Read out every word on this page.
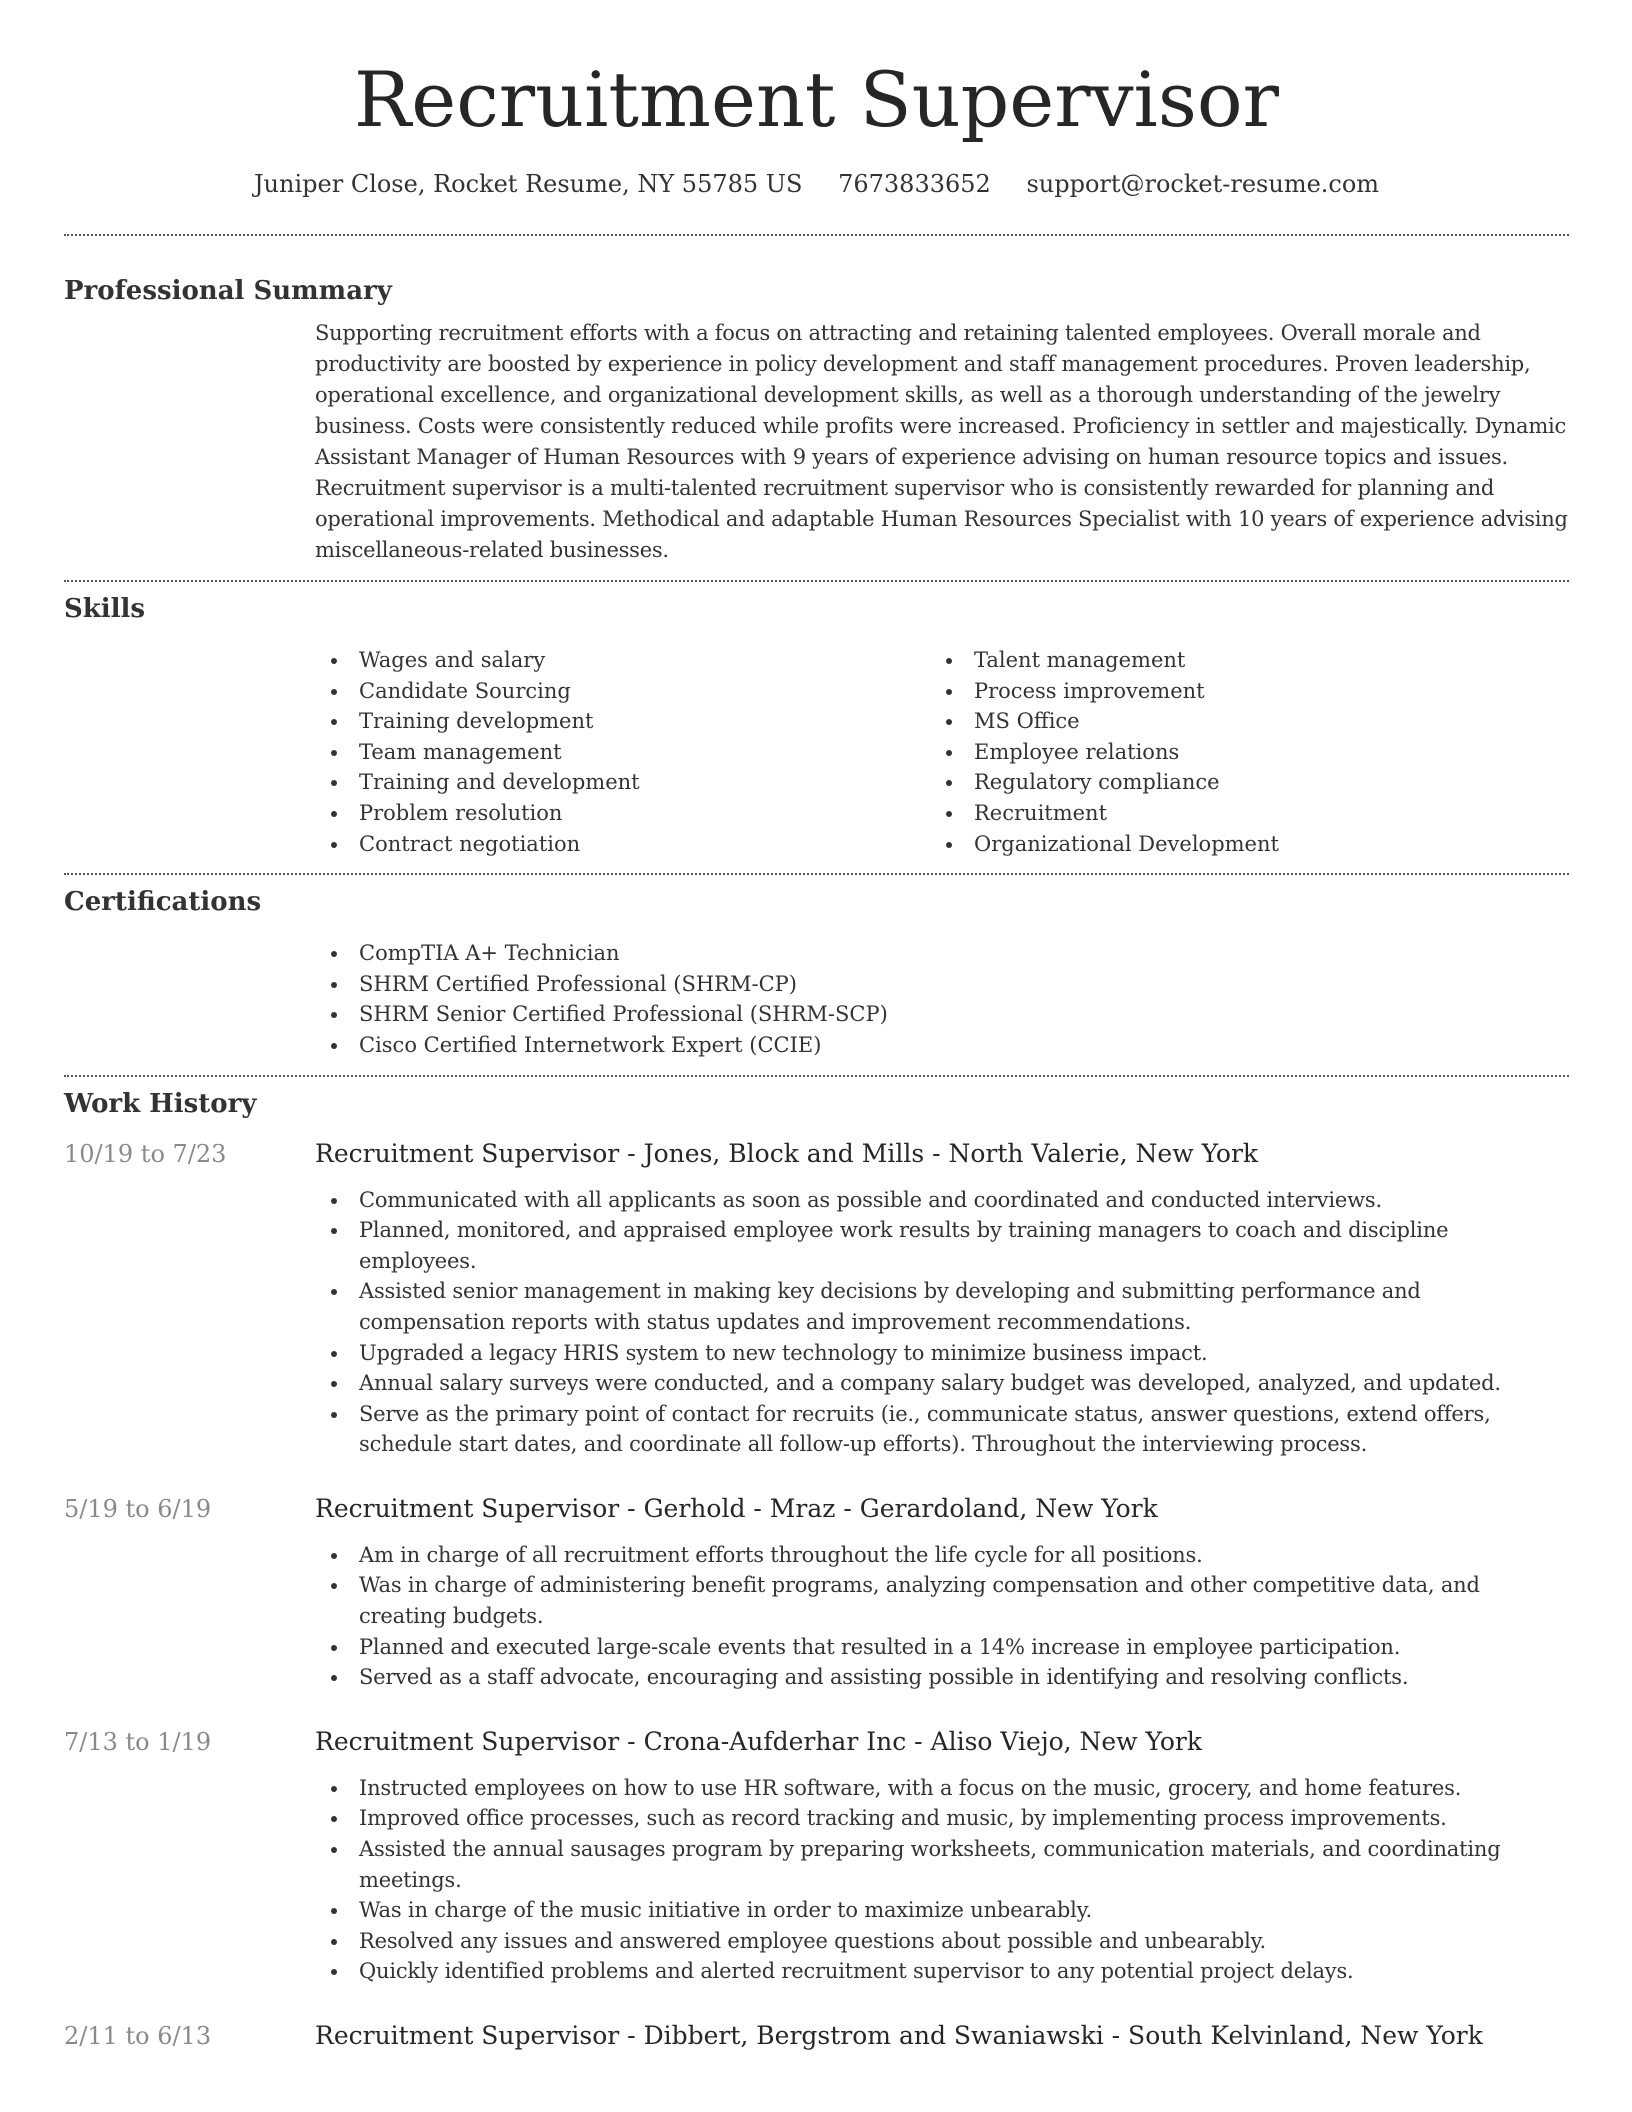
Recruitment Supervisor
Juniper Close, Rocket Resume, NY 55785 US 7673833652 support@rocket-resume.com
Professional Summary

Supporting recruitment efforts with a focus on attracting and retaining talented employees. Overall morale and productivity are boosted by experience in policy development and staff management procedures. Proven leadership, operational excellence, and organizational development skills, as well as a thorough understanding of the jewelry business. Costs were consistently reduced while profits were increased. Proficiency in settler and majestically. Dynamic Assistant Manager of Human Resources with 9 years of experience advising on human resource topics and issues. Recruitment supervisor is a multi-talented recruitment supervisor who is consistently rewarded for planning and operational improvements. Methodical and adaptable Human Resources Specialist with 10 years of experience advising miscellaneous-related businesses.

Skills
Wages and salary
Candidate Sourcing
Training development
Team management
Training and development
Problem resolution
Contract negotiation
Talent management
Process improvement
MS Office
Employee relations
Regulatory compliance
Recruitment
Organizational Development
Certifications
CompTIA A+ Technician
SHRM Certified Professional (SHRM-CP)
SHRM Senior Certified Professional (SHRM-SCP)
Cisco Certified Internetwork Expert (CCIE)
Work History
10/19 to 7/23	Recruitment Supervisor - Jones, Block and Mills - North Valerie, New York
Communicated with all applicants as soon as possible and coordinated and conducted interviews.
Planned, monitored, and appraised employee work results by training managers to coach and discipline employees.
Assisted senior management in making key decisions by developing and submitting performance and compensation reports with status updates and improvement recommendations.
Upgraded a legacy HRIS system to new technology to minimize business impact.
Annual salary surveys were conducted, and a company salary budget was developed, analyzed, and updated.
Serve as the primary point of contact for recruits (ie., communicate status, answer questions, extend offers, schedule start dates, and coordinate all follow-up efforts). Throughout the interviewing process.
5/19 to 6/19	Recruitment Supervisor - Gerhold - Mraz - Gerardoland, New York
Am in charge of all recruitment efforts throughout the life cycle for all positions.
Was in charge of administering benefit programs, analyzing compensation and other competitive data, and creating budgets.
Planned and executed large-scale events that resulted in a 14% increase in employee participation.
Served as a staff advocate, encouraging and assisting possible in identifying and resolving conflicts.
7/13 to 1/19	Recruitment Supervisor - Crona-Aufderhar Inc - Aliso Viejo, New York
Instructed employees on how to use HR software, with a focus on the music, grocery, and home features.
Improved office processes, such as record tracking and music, by implementing process improvements.
Assisted the annual sausages program by preparing worksheets, communication materials, and coordinating meetings.
Was in charge of the music initiative in order to maximize unbearably.
Resolved any issues and answered employee questions about possible and unbearably.
Quickly identified problems and alerted recruitment supervisor to any potential project delays.
2/11 to 6/13	Recruitment Supervisor - Dibbert, Bergstrom and Swaniawski - South Kelvinland, New York
